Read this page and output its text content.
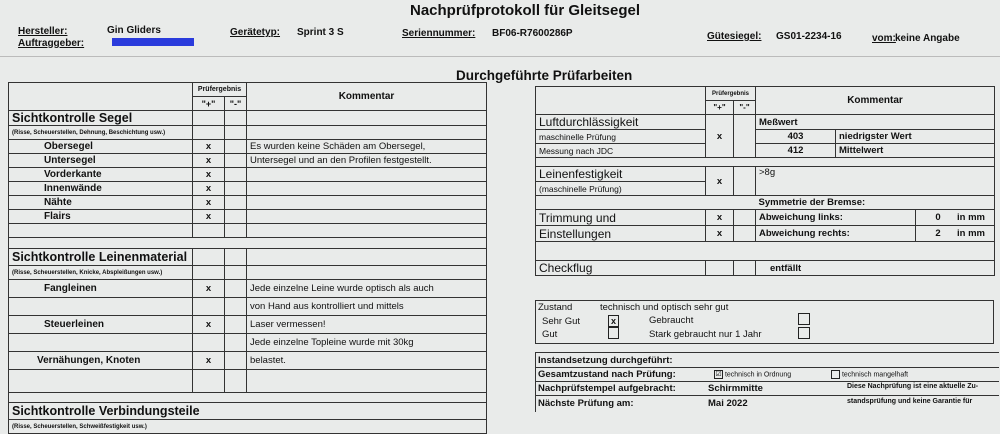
Nachprüfprotokoll für Gleitsegel
Hersteller:	Gin Gliders
Auftraggeber:
Gerätetyp: Sprint 3 S	Seriennummer: BF06-R7600286P	Gütesiegel: GS01-2234-16	vom: keine Angabe
Durchgeführte Prüfarbeiten
	Prüfergebnis		Kommentar
	"+"	"-"	
Sichtkontrolle Segel			
(Risse, Scheuerstellen, Dehnung, Beschichtung usw.)			
Obersegel	x		Es wurden keine Schäden am Obersegel,
Untersegel	x		Untersegel und an den Profilen festgestellt.
Vorderkante	x		
Innenwände	x		
Nähte	x		
Flairs	x		

Sichtkontrolle Leinenmaterial			
(Risse, Scheuerstellen, Knicke, Abspleißungen usw.)			
Fangleinen	x		Jede einzelne Leine wurde optisch als auch
			von Hand aus kontrolliert und mittels
Steuerleinen	x		Laser vermessen!
			Jede einzelne Topleine wurde mit 30kg
Vernähungen, Knoten	x		belastet.

Sichtkontrolle Verbindungsteile			
(Risse, Scheuerstellen, Schweißfestigkeit usw.)			
	Prüfergebnis		Kommentar		
	"+"	"-"			
Luftdurchlässigkeit	x		Meßwert		
maschinelle Prüfung			403	niedrigster Wert	
Messung nach JDC			412	Mittelwert	

Leinenfestigkeit	x		>8g		
(maschinelle Prüfung)					
			Symmetrie der Bremse:		
Trimmung und	x		Abweichung links:		0 in mm
Einstellungen	x		Abweichung rechts:		2 in mm

Checkflug			entfällt		
Zustand	technisch und optisch sehr gut
Sehr Gut	x
Gut
Gebraucht
Stark gebraucht nur 1 Jahr
Instandsetzung durchgeführt:
Gesamtzustand nach Prüfung:	☑ technisch in Ordnung	technisch mangelhaft
Nachprüfstempel aufgebracht:	Schirmmitte
Nächste Prüfung am:	Mai 2022
Diese Nachprüfung ist eine aktuelle Zu-
standsprüfung und keine Garantie für
